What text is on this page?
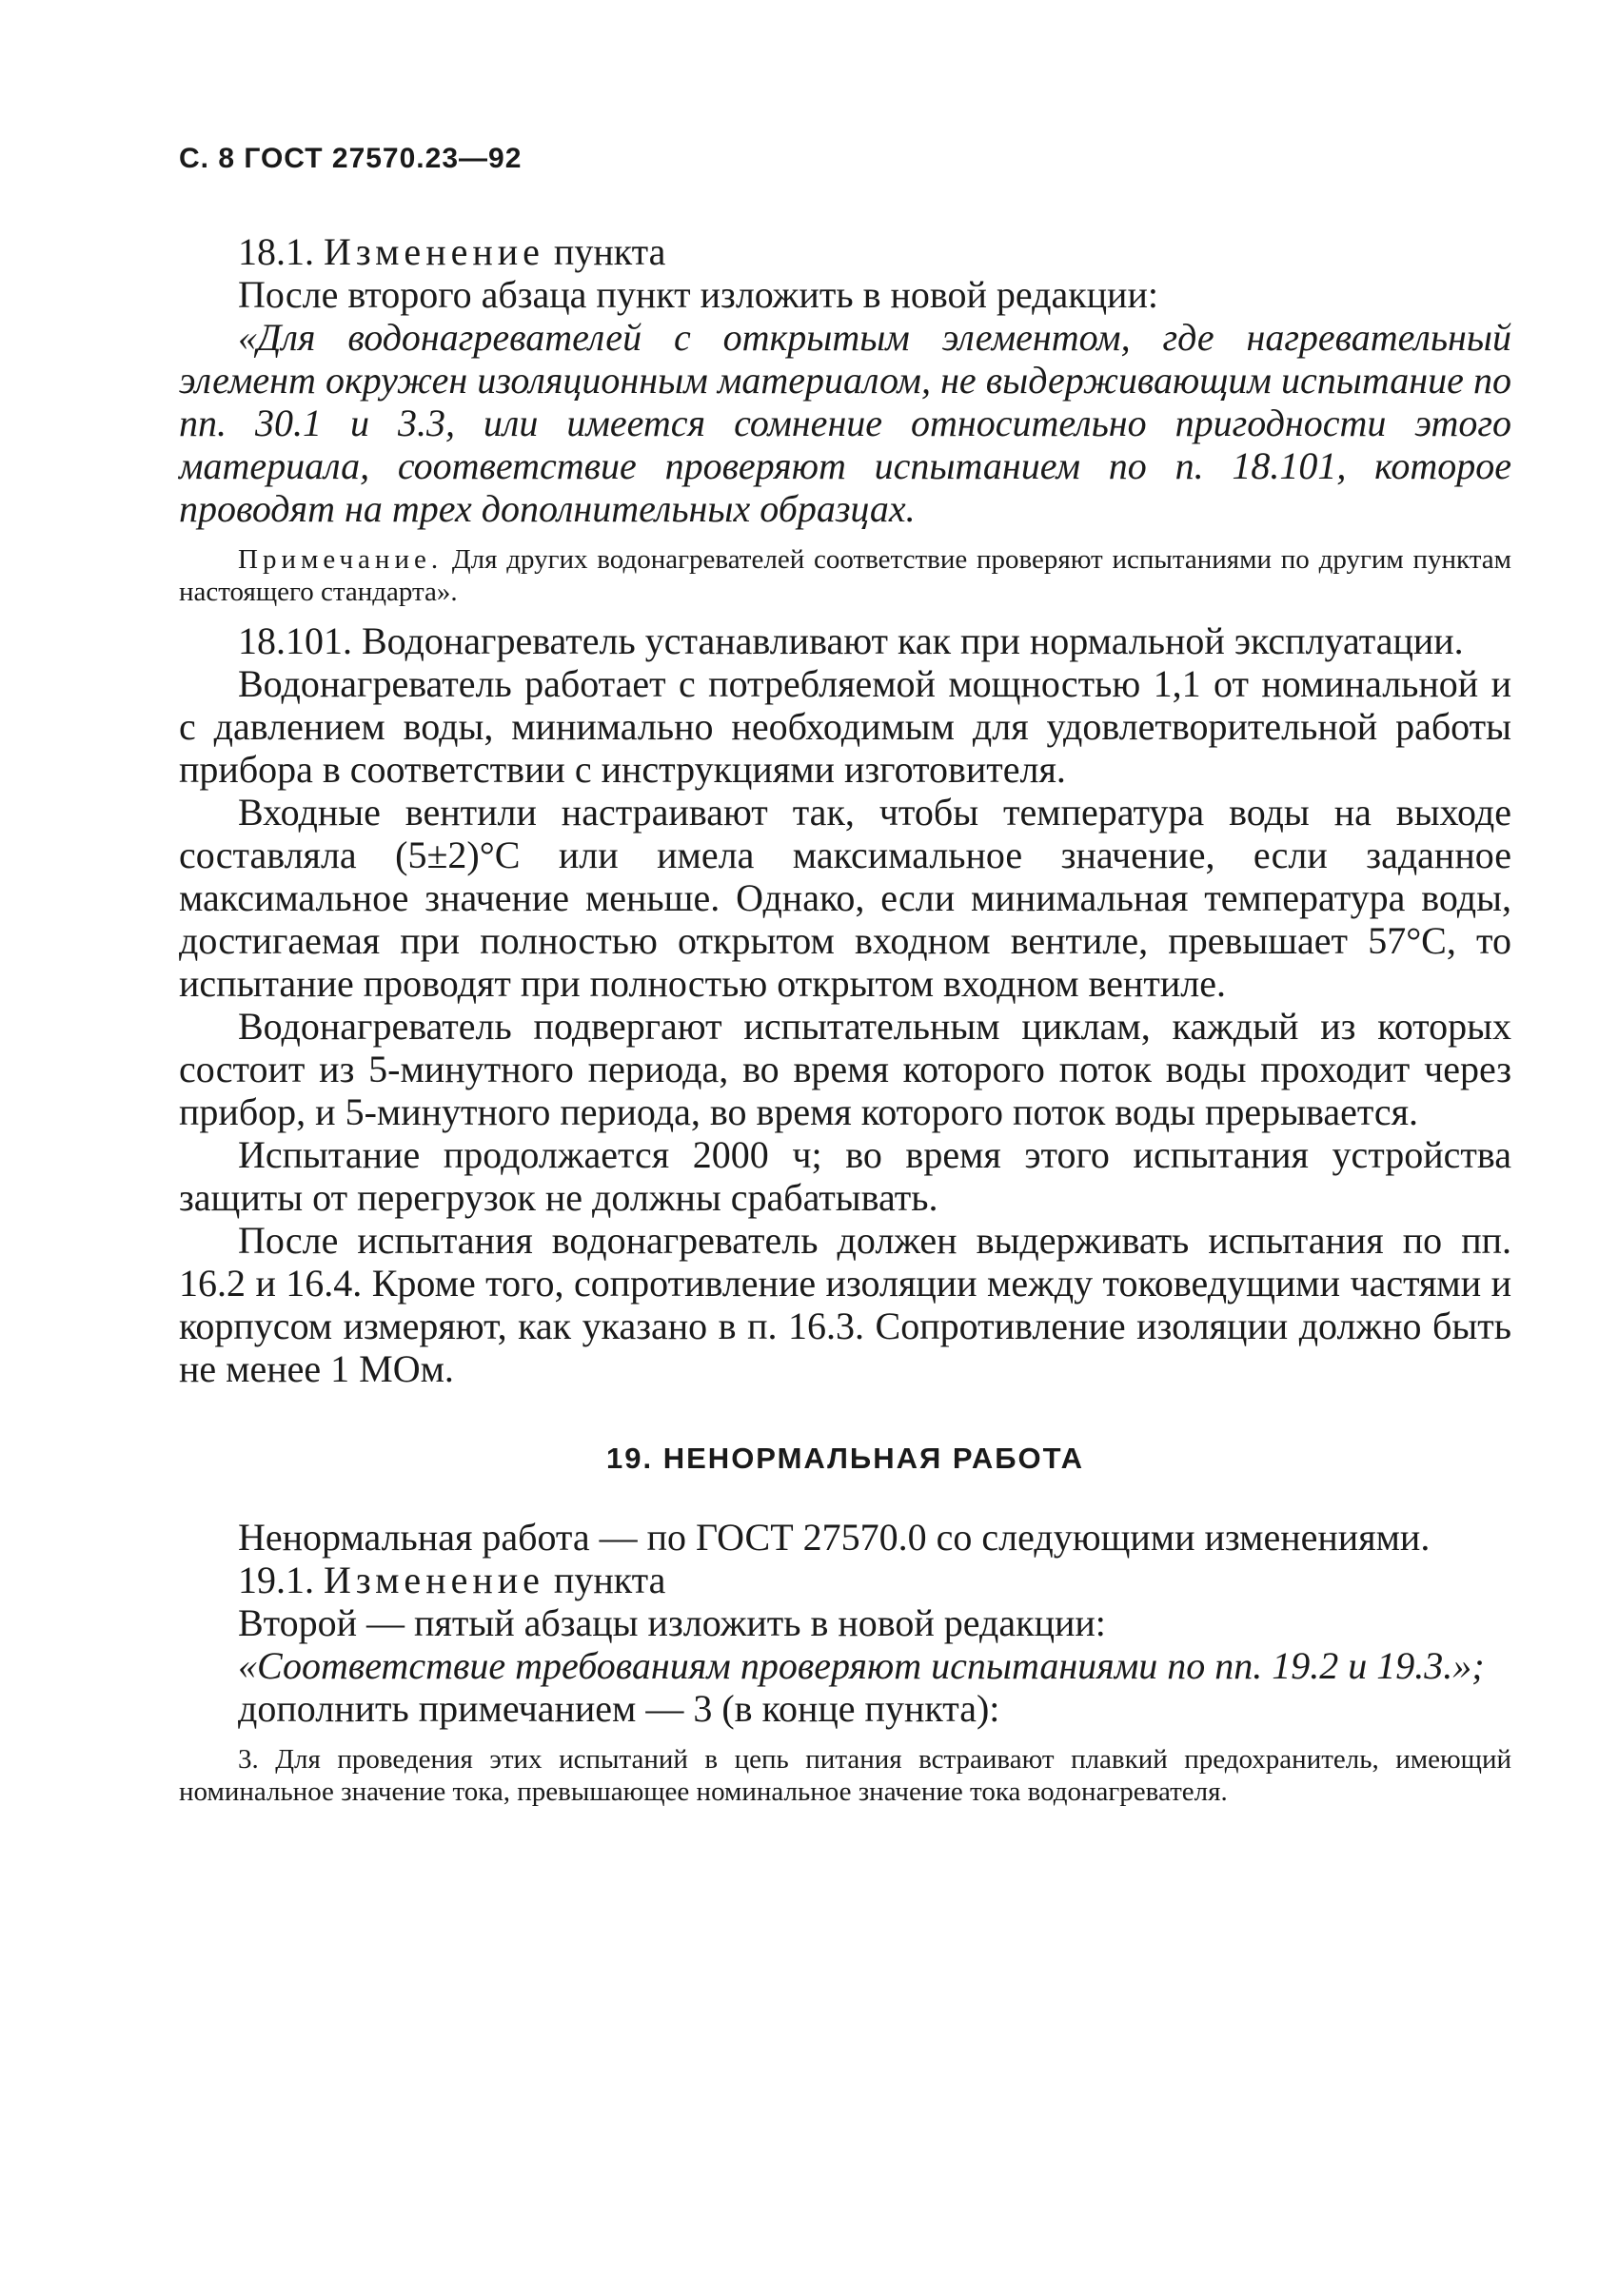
С. 8 ГОСТ 27570.23—92

18.1. Изменение пункта

После второго абзаца пункт изложить в новой редакции:

«Для водонагревателей с открытым элементом, где нагревательный элемент окружен изоляционным материалом, не выдерживающим испытание по пп. 30.1 и 3.3, или имеется сомнение относительно пригодности этого материала, соответствие проверяют испытанием по п. 18.101, которое проводят на трех дополнительных образцах.

Примечание. Для других водонагревателей соответствие проверяют испытаниями по другим пунктам настоящего стандарта».

18.101. Водонагреватель устанавливают как при нормальной эксплуатации.

Водонагреватель работает с потребляемой мощностью 1,1 от номинальной и с давлением воды, минимально необходимым для удовлетворительной работы прибора в соответствии с инструкциями изготовителя.

Входные вентили настраивают так, чтобы температура воды на выходе составляла (5±2)°C или имела максимальное значение, если заданное максимальное значение меньше. Однако, если минимальная температура воды, достигаемая при полностью открытом входном вентиле, превышает 57°C, то испытание проводят при полностью открытом входном вентиле.

Водонагреватель подвергают испытательным циклам, каждый из которых состоит из 5-минутного периода, во время которого поток воды проходит через прибор, и 5-минутного периода, во время которого поток воды прерывается.

Испытание продолжается 2000 ч; во время этого испытания устройства защиты от перегрузок не должны срабатывать.

После испытания водонагреватель должен выдерживать испытания по пп. 16.2 и 16.4. Кроме того, сопротивление изоляции между токоведущими частями и корпусом измеряют, как указано в п. 16.3. Сопротивление изоляции должно быть не менее 1 МОм.

19. НЕНОРМАЛЬНАЯ РАБОТА

Ненормальная работа — по ГОСТ 27570.0 со следующими изменениями.

19.1. Изменение пункта

Второй — пятый абзацы изложить в новой редакции:

«Соответствие требованиям проверяют испытаниями по пп. 19.2 и 19.3.»;

дополнить примечанием — 3 (в конце пункта):

3. Для проведения этих испытаний в цепь питания встраивают плавкий предохранитель, имеющий номинальное значение тока, превышающее номинальное значение тока водонагревателя.
